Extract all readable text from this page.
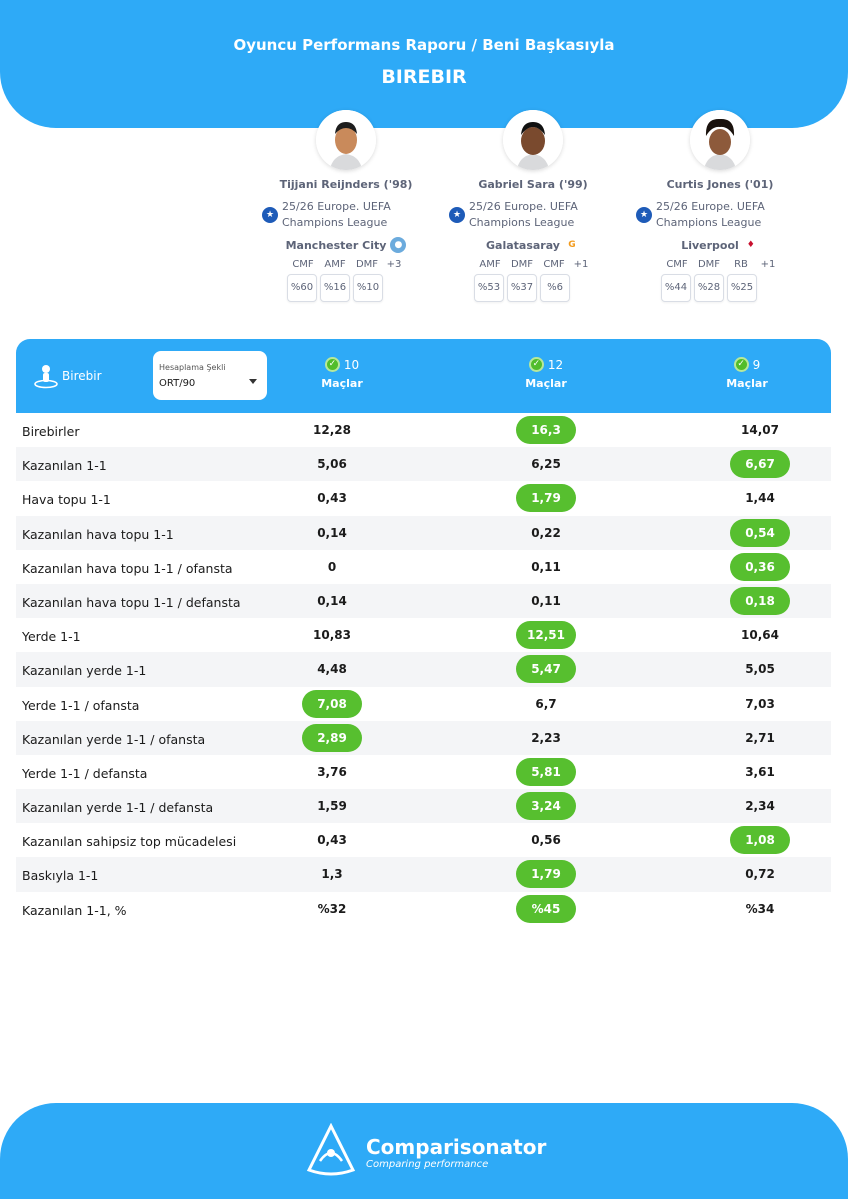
Oyuncu Performans Raporu / Beni Başkasıyla
BIREBIR
Tijjani Reijnders ('98)
★
25/26 Europe. UEFA
Champions League
Manchester City ●
CMF	AMF	DMF +3
%60	%16	%10
Gabriel Sara ('99)
★
25/26 Europe. UEFA
Champions League
Galatasaray G
AMF	DMF	CMF +1
%53	%37	%6
Curtis Jones ('01)
★
25/26 Europe. UEFA
Champions League
Liverpool ♦
CMF	DMF	RB	+1
%44	%28	%25
Birebir
Hesaplama Şekli
ORT/90
✓ 10
Maçlar
✓ 12
Maçlar
✓ 9
Maçlar
Birebirler	12,28	16,3	14,07
Kazanılan 1-1	5,06	6,25	6,67
Hava topu 1-1	0,43	1,79	1,44
Kazanılan hava topu 1-1	0,14	0,22	0,54
Kazanılan hava topu 1-1 / ofansta	0	0,11	0,36
Kazanılan hava topu 1-1 / defansta	0,14	0,11	0,18
Yerde 1-1	10,83	12,51	10,64
Kazanılan yerde 1-1	4,48	5,47	5,05
Yerde 1-1 / ofansta	7,08	6,7	7,03
Kazanılan yerde 1-1 / ofansta	2,89	2,23	2,71
Yerde 1-1 / defansta	3,76	5,81	3,61
Kazanılan yerde 1-1 / defansta	1,59	3,24	2,34
Kazanılan sahipsiz top mücadelesi	0,43	0,56	1,08
Baskıyla 1-1	1,3	1,79	0,72
Kazanılan 1-1, %	%32	%45	%34
Comparisonator
Comparing performance
